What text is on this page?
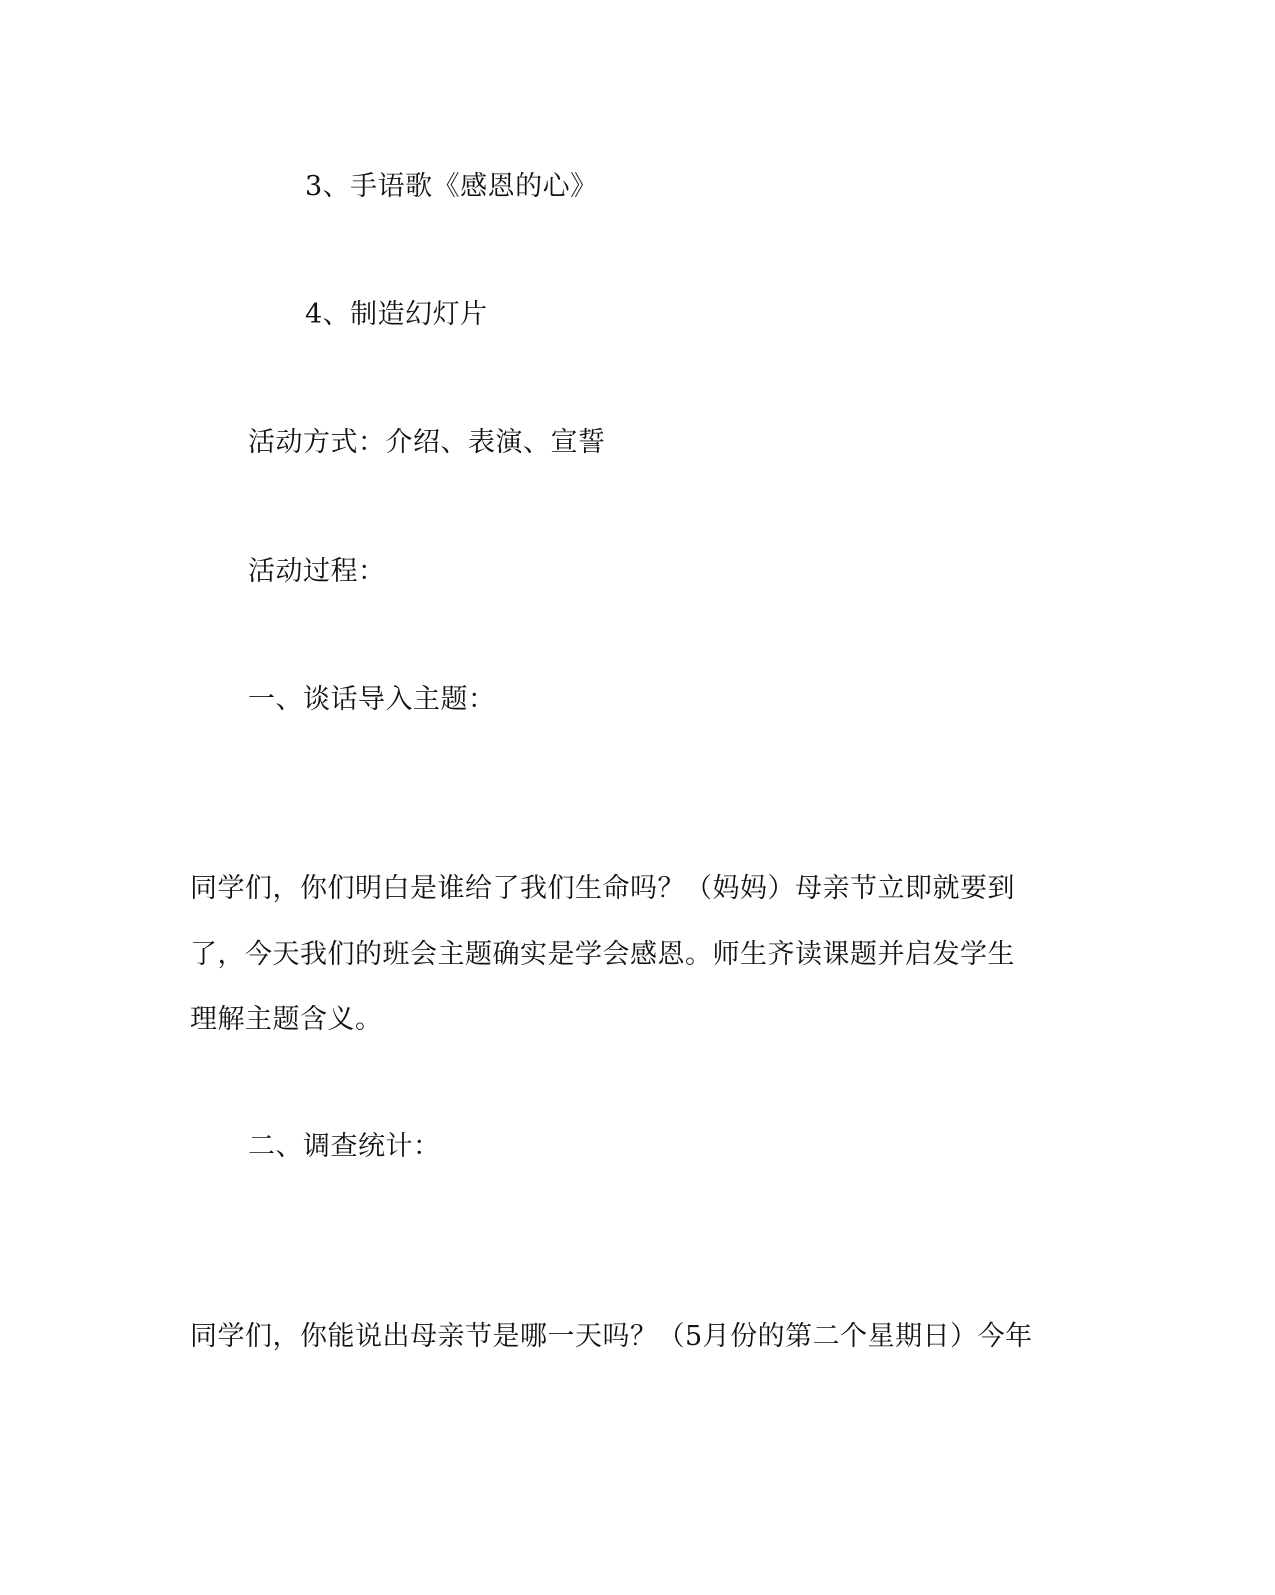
3、手语歌《感恩的心》
4、制造幻灯片
活动方式：介绍、表演、宣誓
活动过程：
一、谈话导入主题：
同学们，你们明白是谁给了我们生命吗？（妈妈）母亲节立即就要到
了，今天我们的班会主题确实是学会感恩。师生齐读课题并启发学生
理解主题含义。
二、调查统计：
同学们，你能说出母亲节是哪一天吗？（5月份的第二个星期日）今年
